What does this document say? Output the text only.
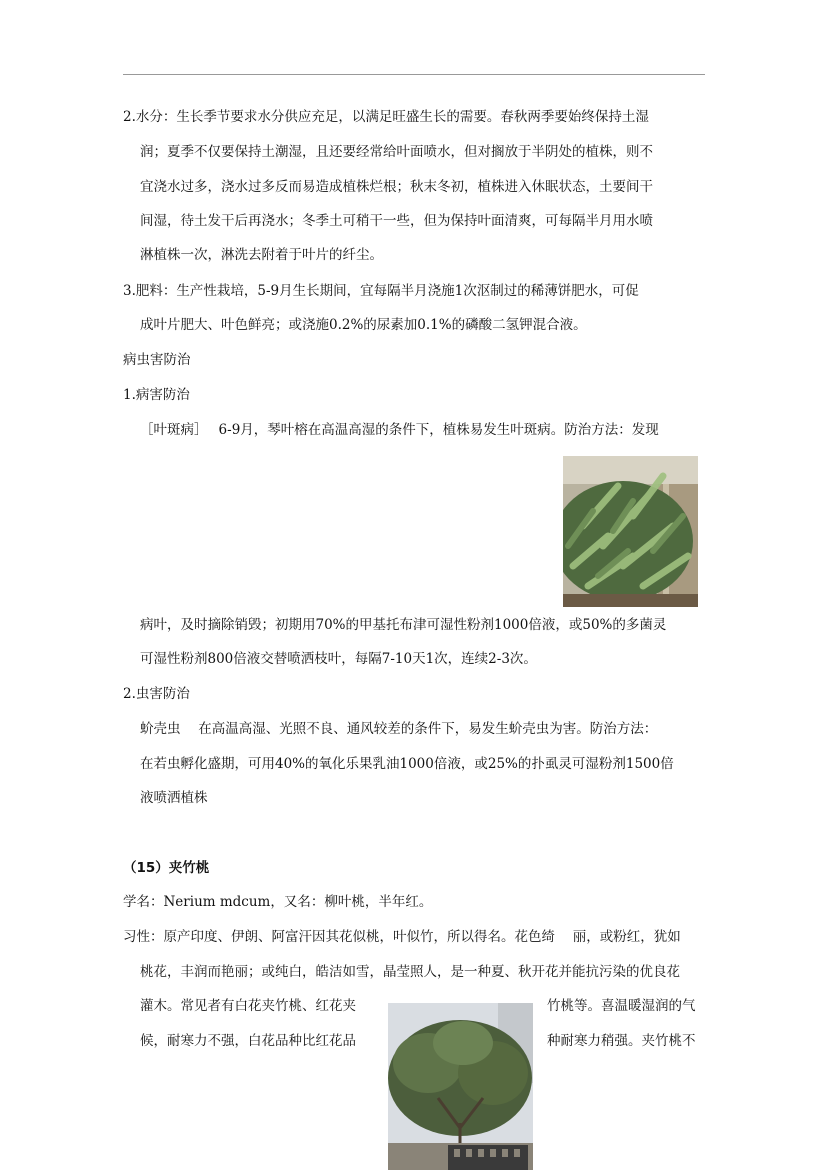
2.水分：生长季节要求水分供应充足，以满足旺盛生长的需要。春秋两季要始终保持土湿
润；夏季不仅要保持土潮湿，且还要经常给叶面喷水，但对搁放于半阴处的植株，则不
宜浇水过多，浇水过多反而易造成植株烂根；秋末冬初，植株进入休眠状态，土要间干
间湿，待土发干后再浇水；冬季土可稍干一些，但为保持叶面清爽，可每隔半月用水喷
淋植株一次，淋洗去附着于叶片的纤尘。
3.肥料：生产性栽培，5-9月生长期间，宜每隔半月浇施1次沤制过的稀薄饼肥水，可促
成叶片肥大、叶色鲜亮；或浇施0.2%的尿素加0.1%的磷酸二氢钾混合液。
病虫害防治
1.病害防治
［叶斑病］　 6-9月，琴叶榕在高温高湿的条件下，植株易发生叶斑病。防治方法：发现
病叶，及时摘除销毁；初期用70%的甲基托布津可湿性粉剂1000倍液，或50%的多菌灵
可湿性粉剂800倍液交替喷洒枝叶，每隔7-10天1次，连续2-3次。
2.虫害防治
蚧壳虫　 在高温高湿、光照不良、通风较差的条件下，易发生蚧壳虫为害。防治方法：
在若虫孵化盛期，可用40%的氧化乐果乳油1000倍液，或25%的扑虱灵可湿粉剂1500倍
液喷洒植株
（15）夹竹桃
学名：Nerium mdcum，又名：柳叶桃，半年红。
习性：原产印度、伊朗、阿富汗因其花似桃，叶似竹，所以得名。花色绮　 丽，或粉红，犹如
桃花，丰润而艳丽；或纯白，皓洁如雪，晶莹照人，是一种夏、秋开花并能抗污染的优良花
灌木。常见者有白花夹竹桃、红花夹	竹桃等。喜温暖湿润的气
候，耐寒力不强，白花品种比红花品	种耐寒力稍强。夹竹桃不
